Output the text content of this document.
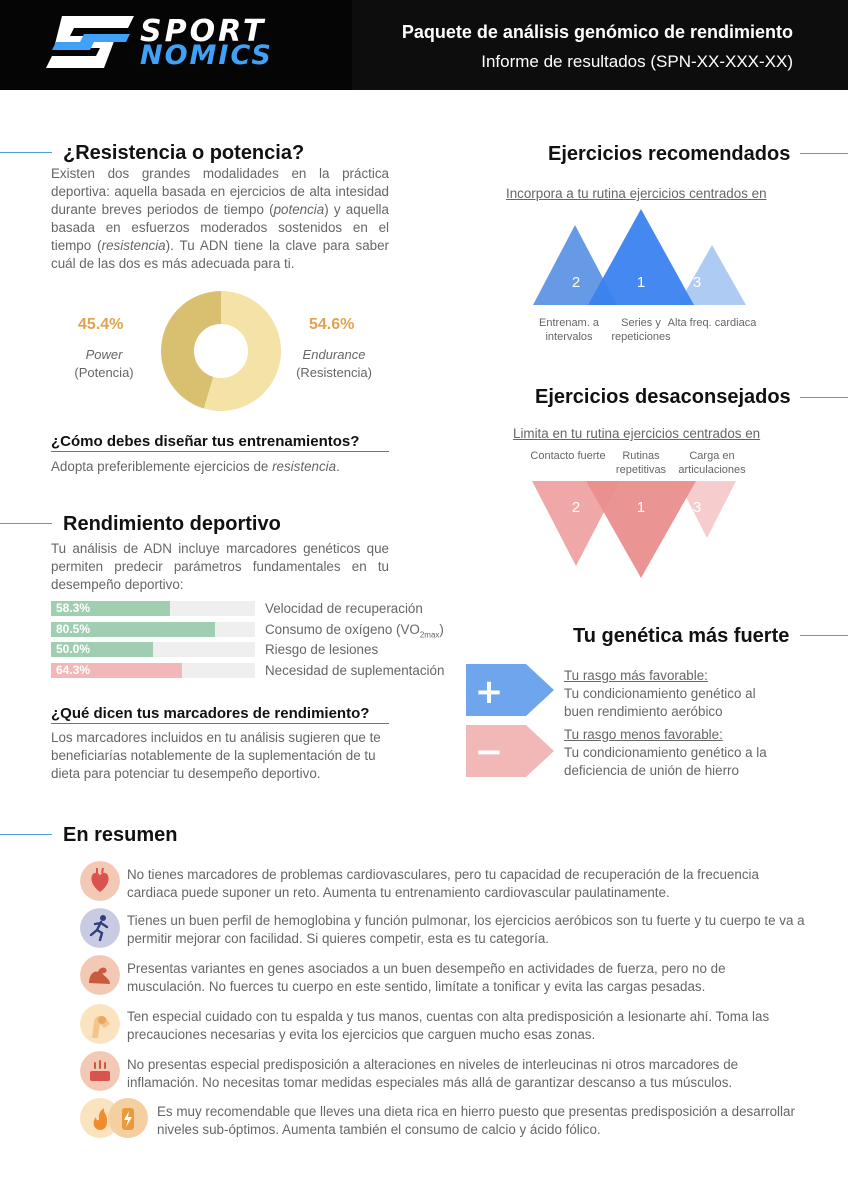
SPORT
NOMICS
Paquete de análisis genómico de rendimiento
Informe de resultados (SPN-XX-XXX-XX)
¿Resistencia o potencia?
Existen dos grandes modalidades en la práctica deportiva: aquella basada en ejercicios de alta intesidad durante breves periodos de tiempo (potencia) y aquella basada en esfuerzos moderados sostenidos en el tiempo (resistencia). Tu ADN tiene la clave para saber cuál de las dos es más adecuada para ti.
45.4%
Power
(Potencia)
54.6%
Endurance
(Resistencia)
¿Cómo debes diseñar tus entrenamientos?
Adopta preferiblemente ejercicios de resistencia.
Rendimiento deportivo
Tu análisis de ADN incluye marcadores genéticos que permiten predecir parámetros fundamentales en tu desempeño deportivo:
58.3%	Velocidad de recuperación
80.5%	Consumo de oxígeno $(VO_{2max})$
50.0%	Riesgo de lesiones
64.3%	Necesidad de suplementación
¿Qué dicen tus marcadores de rendimiento?
Los marcadores incluidos en tu análisis sugieren que te beneficiarías notablemente de la suplementación de tu dieta para potenciar tu desempeño deportivo.
Ejercicios recomendados
Incorpora a tu rutina ejercicios centrados en
2	1	3
Entrenam. a intervalos
Series y repeticiones
Alta freq. cardiaca
Ejercicios desaconsejados
Limita en tu rutina ejercicios centrados en
Contacto fuerte	Rutinas repetitivas
Carga en articulaciones
2	1	3
Tu genética más fuerte
+	Tu rasgo más favorable:
Tu condicionamiento genético al buen rendimiento aeróbico
−	Tu rasgo menos favorable:
Tu condicionamiento genético a la deficiencia de unión de hierro
En resumen
No tienes marcadores de problemas cardiovasculares, pero tu capacidad de recuperación de la frecuencia cardiaca puede suponer un reto. Aumenta tu entrenamiento cardiovascular paulatinamente.
Tienes un buen perfil de hemoglobina y función pulmonar, los ejercicios aeróbicos son tu fuerte y tu cuerpo te va a permitir mejorar con facilidad. Si quieres competir, esta es tu categoría.
Presentas variantes en genes asociados a un buen desempeño en actividades de fuerza, pero no de musculación. No fuerces tu cuerpo en este sentido, limítate a tonificar y evita las cargas pesadas.
Ten especial cuidado con tu espalda y tus manos, cuentas con alta predisposición a lesionarte ahí. Toma las precauciones necesarias y evita los ejercicios que carguen mucho esas zonas.
No presentas especial predisposición a alteraciones en niveles de interleucinas ni otros marcadores de inflamación. No necesitas tomar medidas especiales más allá de garantizar descanso a tus músculos.
Es muy recomendable que lleves una dieta rica en hierro puesto que presentas predisposición a desarrollar niveles sub-óptimos. Aumenta también el consumo de calcio y ácido fólico.
